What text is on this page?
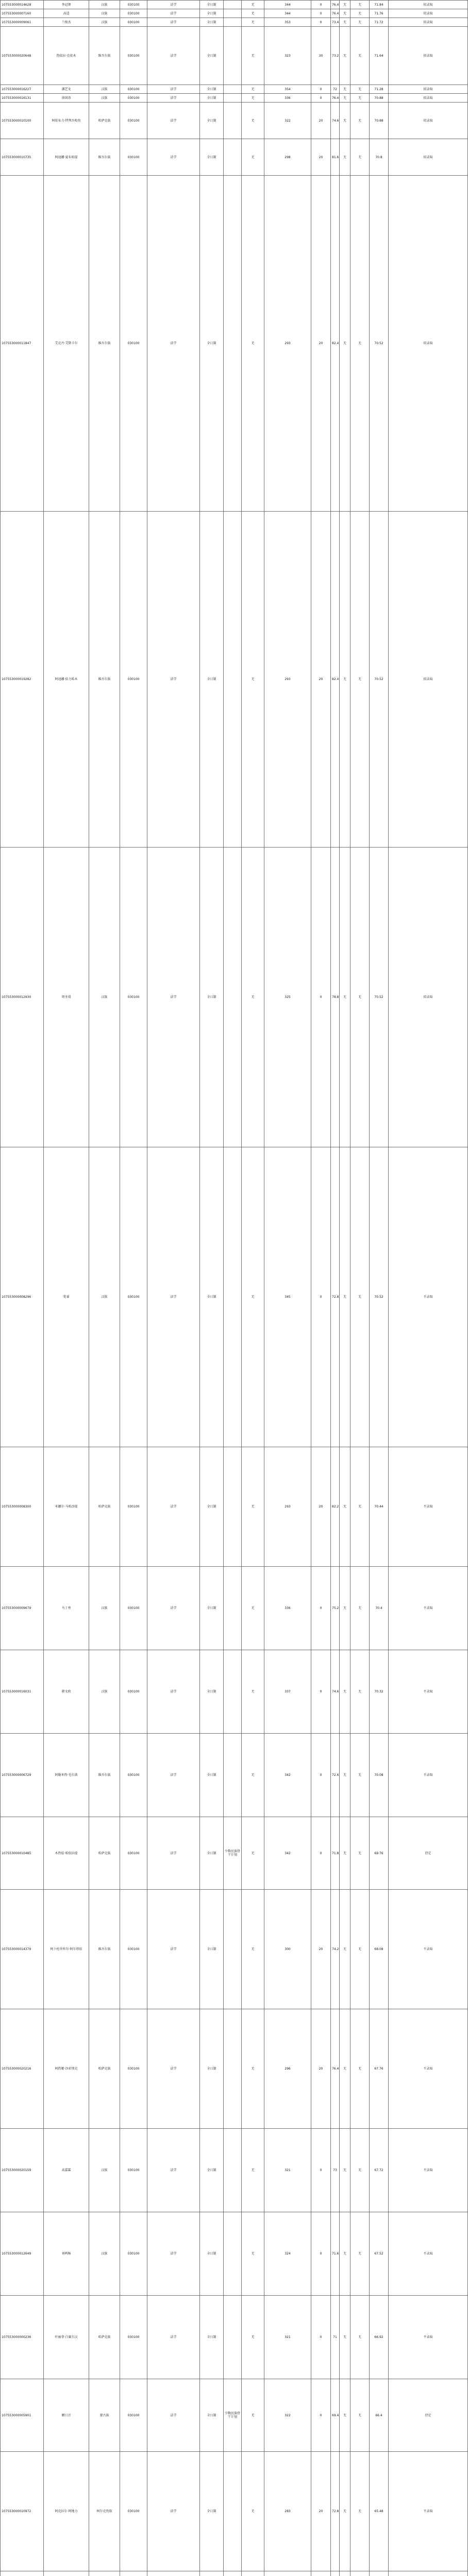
107553000014628	李冠奢	汉族	030100	法学	全日制		无	344	0	76.4	无	无	71.84	拟录取	
107553000007160	高适	汉族	030100	法学	全日制		无	344	0	76.4	无	无	71.76	拟录取	
107553000009061	兰俊杰	汉族	030100	法学	全日制		无	353	0	73.4	无	无	71.72	拟录取	
107553000020648	热依拉·克依木	维吾尔族	030100	法学	全日制		无	323	30	73.2	无	无	71.64	拟录取	
107553000016227	潘艺文	汉族	030100	法学	全日制		无	354	0	72	无	无	71.28	拟录取	
107553000016131	徐国涛	汉族	030100	法学	全日制		无	336	0	76.4	无	无	70.88	拟录取	
107553000010100	阿依布力·特列吾哈孜	哈萨克族	030100	法学	全日制		无	322	20	74.6	无	无	70.88	拟录取	
107553000010735	阿迪娜·夏布哈提	维吾尔族	030100	法学	全日制		无	298	20	81.6	无	无	70.8	拟录取	
107553000011847	艾克丹·艾斯卡尔	维吾尔族	030100	法学	全日制		无	293	20	82.4	无	无	70.52	拟录取	
107553000019282	阿迪娜·依力哈木	维吾尔族	030100	法学	全日制		无	293	20	82.4	无	无	70.52	拟录取	
107553000012930	周圣靖	汉族	030100	法学	全日制		无	325	0	78.8	无	无	70.52	拟录取	
107553000008296	党睿	汉族	030100	法学	全日制		无	345	0	72.8	无	无	70.52	不录取	
107553000008300	米娜尔·马哈沙提	哈萨克族	030100	法学	全日制		无	293	20	82.2	无	无	70.44	不录取	
107553000009679	马丁勇	汉族	030100	法学	全日制		无	336	0	75.2	无	无	70.4	不录取	
107553000016031	韩文政	汉族	030100	法学	全日制		无	337	0	74.6	无	无	70.32	不录取	
107553000006729	阿勒米热·毛尔洪	维吾尔族	030100	法学	全日制		无	342	0	72.6	无	无	70.08	不录取	
107553000010485	木热依·哈依拉提	哈萨克族	030100	法学	全日制	少数民族骨干计划	无	342	0	71.8	无	无	69.76	待定	
107553000014379	阿卜杜许库尔·阿尔塔依	维吾尔族	030100	法学	全日制		无	300	20	74.2	无	无	68.08	不录取	
107553000020216	阿热娅·沙彩别克	哈萨克族	030100	法学	全日制		无	296	20	76.4	无	无	67.76	不录取	
107553000020159	高嘉霖	汉族	030100	法学	全日制		无	321	0	73	无	无	67.72	不录取	
107553000012649	刘鸣杨	汉族	030100	法学	全日制		无	324	0	71.6	无	无	67.52	不录取	
107553000000236	叶丽拿·白赛尔汉	哈萨克族	030100	法学	全日制		无	321	0	71	无	无	66.92	不录取	
107553000005901	额日音	蒙古族	030100	法学	全日制	少数民族骨干计划	无	322	0	69.4	无	无	66.4	待定	
107553000010972	阿克拉尔·阿地力	柯尔克孜族	030100	法学	全日制		无	283	20	72.8	无	无	65.48	不录取	
